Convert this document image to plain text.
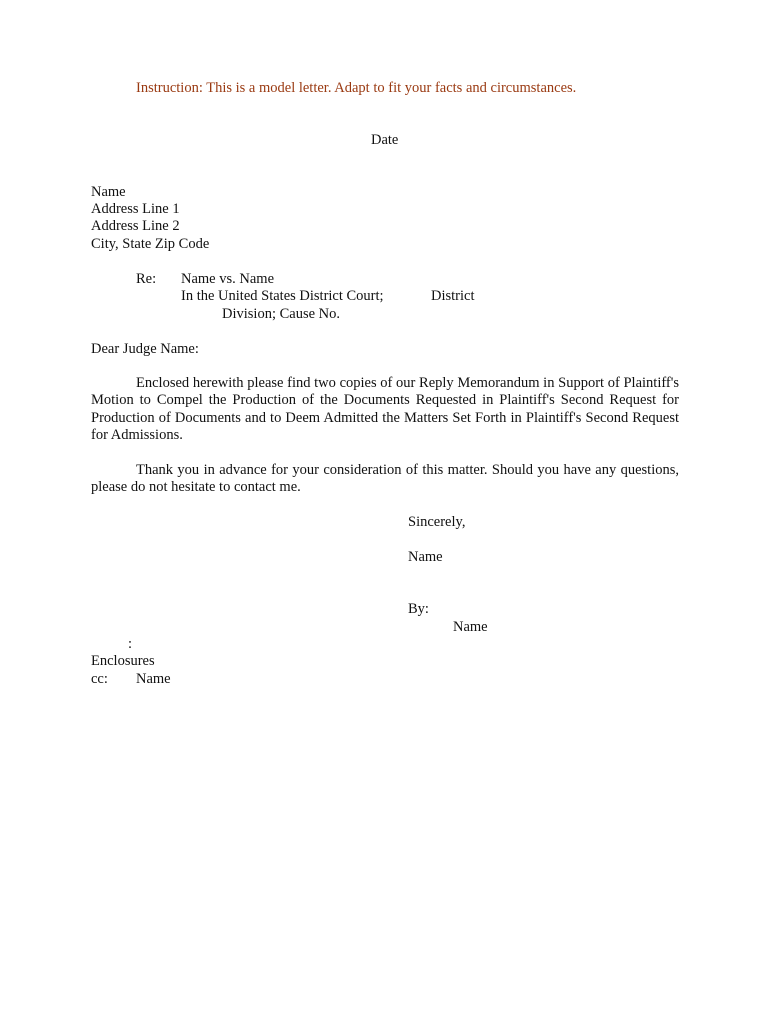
Instruction: This is a model letter. Adapt to fit your facts and circumstances.
Date
Name
Address Line 1
Address Line 2
City, State Zip Code
Re: Name vs. Name
In the United States District Court;	District
Division; Cause No.
Dear Judge Name:
Enclosed herewith please find two copies of our Reply Memorandum in Support of Plaintiff's Motion to Compel the Production of the Documents Requested in Plaintiff's Second Request for Production of Documents and to Deem Admitted the Matters Set Forth in Plaintiff's Second Request for Admissions.
Thank you in advance for your consideration of this matter. Should you have any questions, please do not hesitate to contact me.
Sincerely,
Name
By:
Name
:
Enclosures
cc: Name
